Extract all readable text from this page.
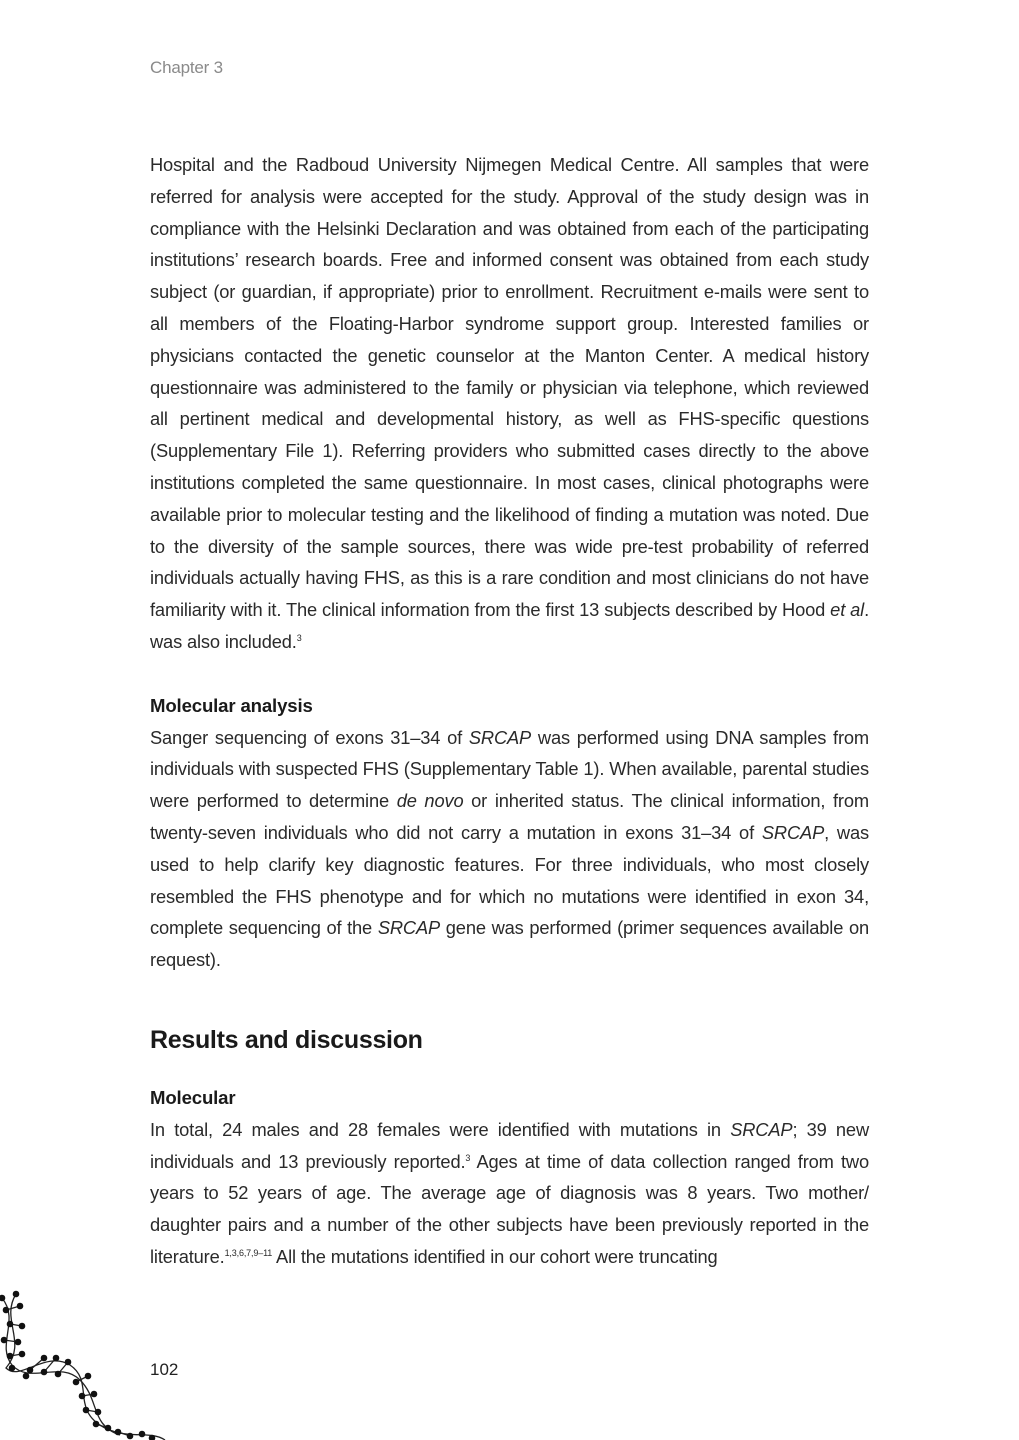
Chapter 3

Hospital and the Radboud University Nijmegen Medical Centre. All samples that were referred for analysis were accepted for the study. Approval of the study design was in compliance with the Helsinki Declaration and was obtained from each of the participating institutions’ research boards. Free and informed consent was obtained from each study subject (or guardian, if appropriate) prior to enrollment. Recruitment e-mails were sent to all members of the Floating-Harbor syndrome support group. Interested families or physicians contacted the genetic counselor at the Manton Center. A medical history questionnaire was administered to the family or physician via telephone, which reviewed all pertinent medical and developmental history, as well as FHS-specific questions (Supplementary File 1). Referring providers who submitted cases directly to the above institutions completed the same questionnaire. In most cases, clinical photographs were available prior to molecular testing and the likelihood of finding a mutation was noted. Due to the diversity of the sample sources, there was wide pre-test probability of referred individuals actually having FHS, as this is a rare condition and most clinicians do not have familiarity with it. The clinical information from the first 13 subjects described by Hood et al. was also included.$^3$

Molecular analysis

Sanger sequencing of exons 31–34 of SRCAP was performed using DNA samples from individuals with suspected FHS (Supplementary Table 1). When available, parental studies were performed to determine de novo or inherited status. The clinical information, from twenty-seven individuals who did not carry a mutation in exons 31–34 of SRCAP, was used to help clarify key diagnostic features. For three individuals, who most closely resembled the FHS phenotype and for which no mutations were identified in exon 34, complete sequencing of the SRCAP gene was performed (primer sequences available on request).

Results and discussion
Molecular

In total, 24 males and 28 females were identified with mutations in SRCAP; 39 new individuals and 13 previously reported.$^3$ Ages at time of data collection ranged from two years to 52 years of age. The average age of diagnosis was 8 years. Two mother/ daughter pairs and a number of the other subjects have been previously reported in the literature.$^{1,3,6,7,9-11}$ All the mutations identified in our cohort were truncating

102
